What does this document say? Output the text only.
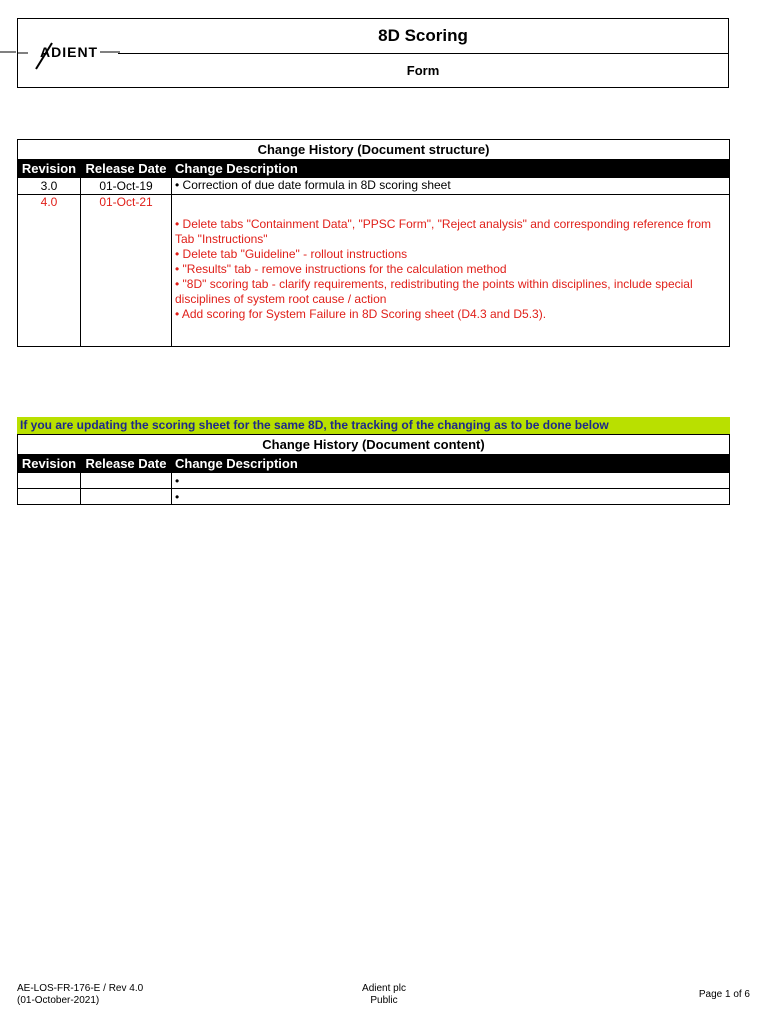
ADIENT
8D Scoring
Form
Change History (Document structure)		
Revision	Release Date	Change Description
3.0	01-Oct-19	• Correction of due date formula in 8D scoring sheet

4.0	01-Oct-21	• Delete tabs "Containment Data", "PPSC Form", "Reject analysis" and corresponding reference from Tab "Instructions"

• Delete tab "Guideline" - rollout instructions

• "Results" tab - remove instructions for the calculation method

• "8D" scoring tab - clarify requirements, redistributing the points within disciplines, include special disciplines of system root cause / action

• Add scoring for System Failure in 8D Scoring sheet (D4.3 and D5.3).

If you are updating the scoring sheet for the same 8D, the tracking of the changing as to be done below
Change History (Document content)		
Revision	Release Date	Change Description
		•
		•
AE-LOS-FR-176-E / Rev 4.0
(01-October-2021)
Adient plc
Public
Page 1 of 6
